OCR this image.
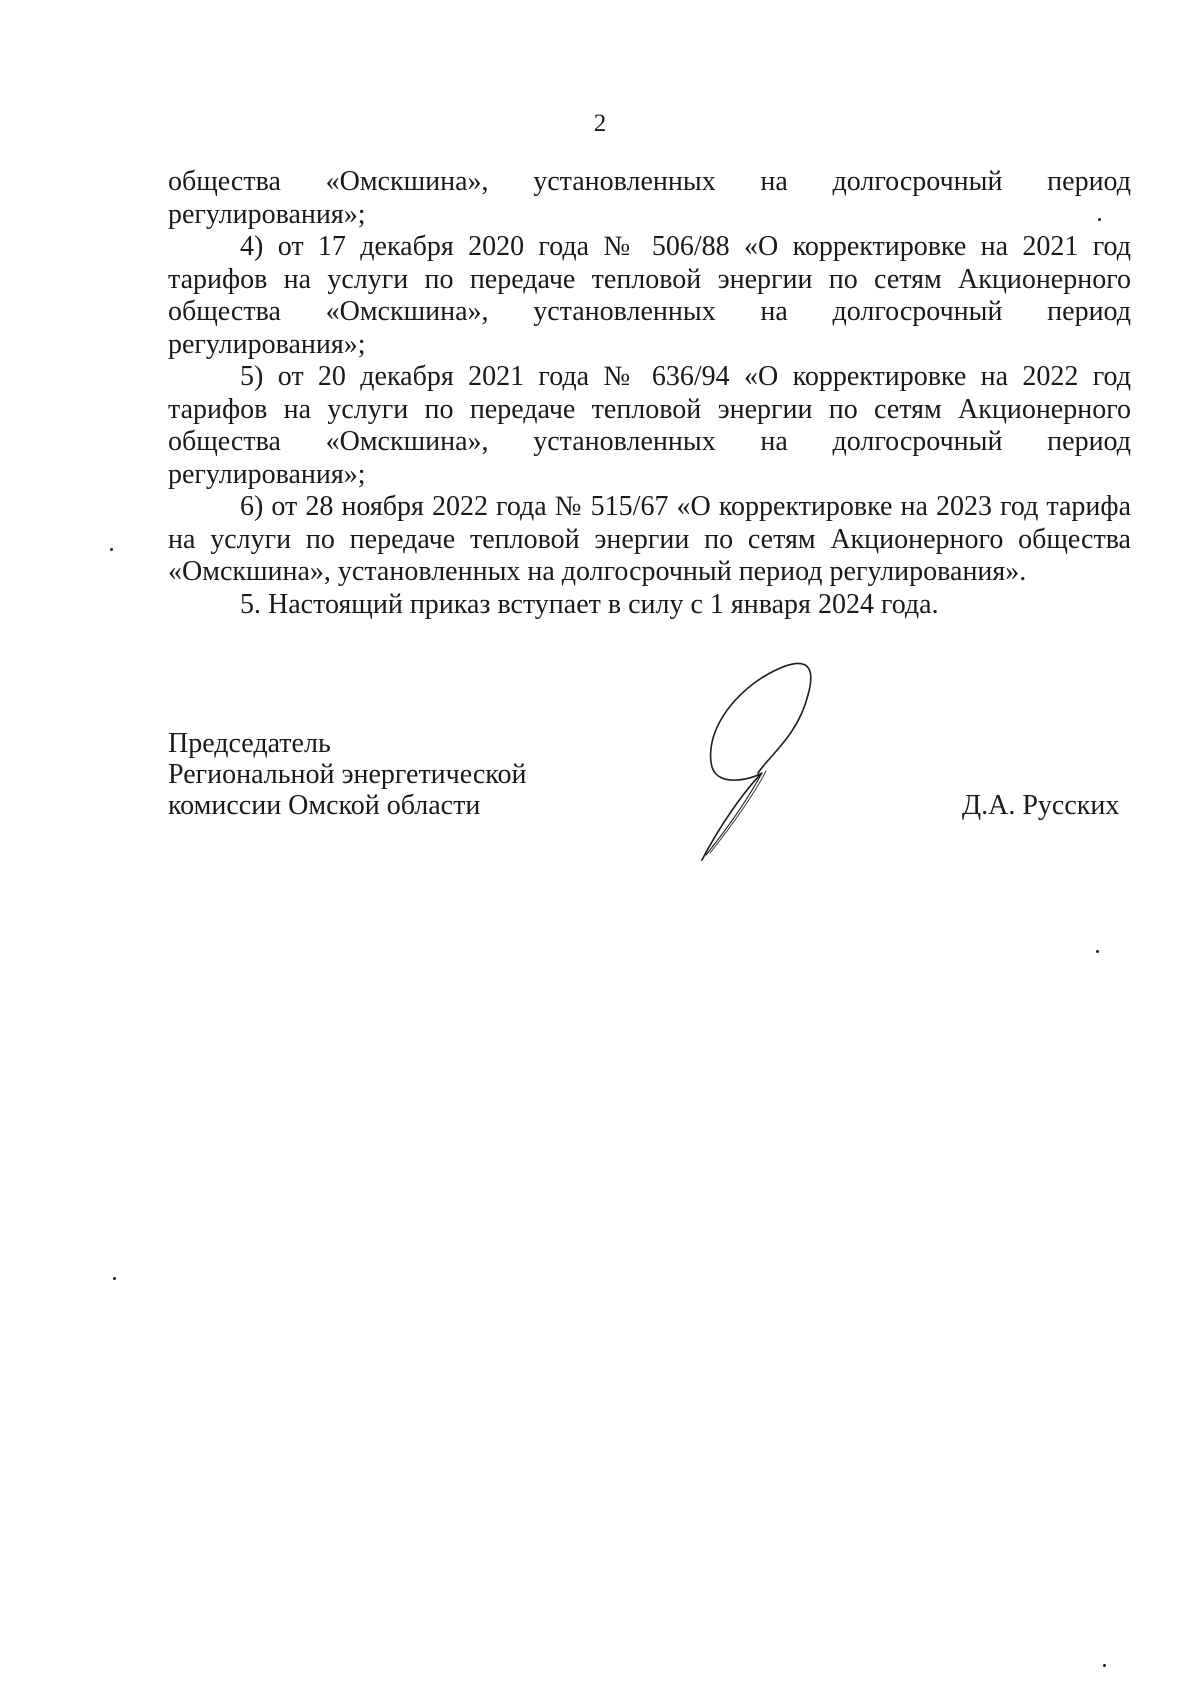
2

общества «Омскшина», установленных на долгосрочный период регулирования»;

4) от 17 декабря 2020 года № 506/88 «О корректировке на 2021 год тарифов на услуги по передаче тепловой энергии по сетям Акционерного общества «Омскшина», установленных на долгосрочный период регулирования»;

5) от 20 декабря 2021 года № 636/94 «О корректировке на 2022 год тарифов на услуги по передаче тепловой энергии по сетям Акционерного общества «Омскшина», установленных на долгосрочный период регулирования»;

6) от 28 ноября 2022 года № 515/67 «О корректировке на 2023 год тарифа на услуги по передаче тепловой энергии по сетям Акционерного общества «Омскшина», установленных на долгосрочный период регулирования».

5. Настоящий приказ вступает в силу с 1 января 2024 года.

Председатель
Региональной энергетической
комиссии Омской области	Д.А. Русских
